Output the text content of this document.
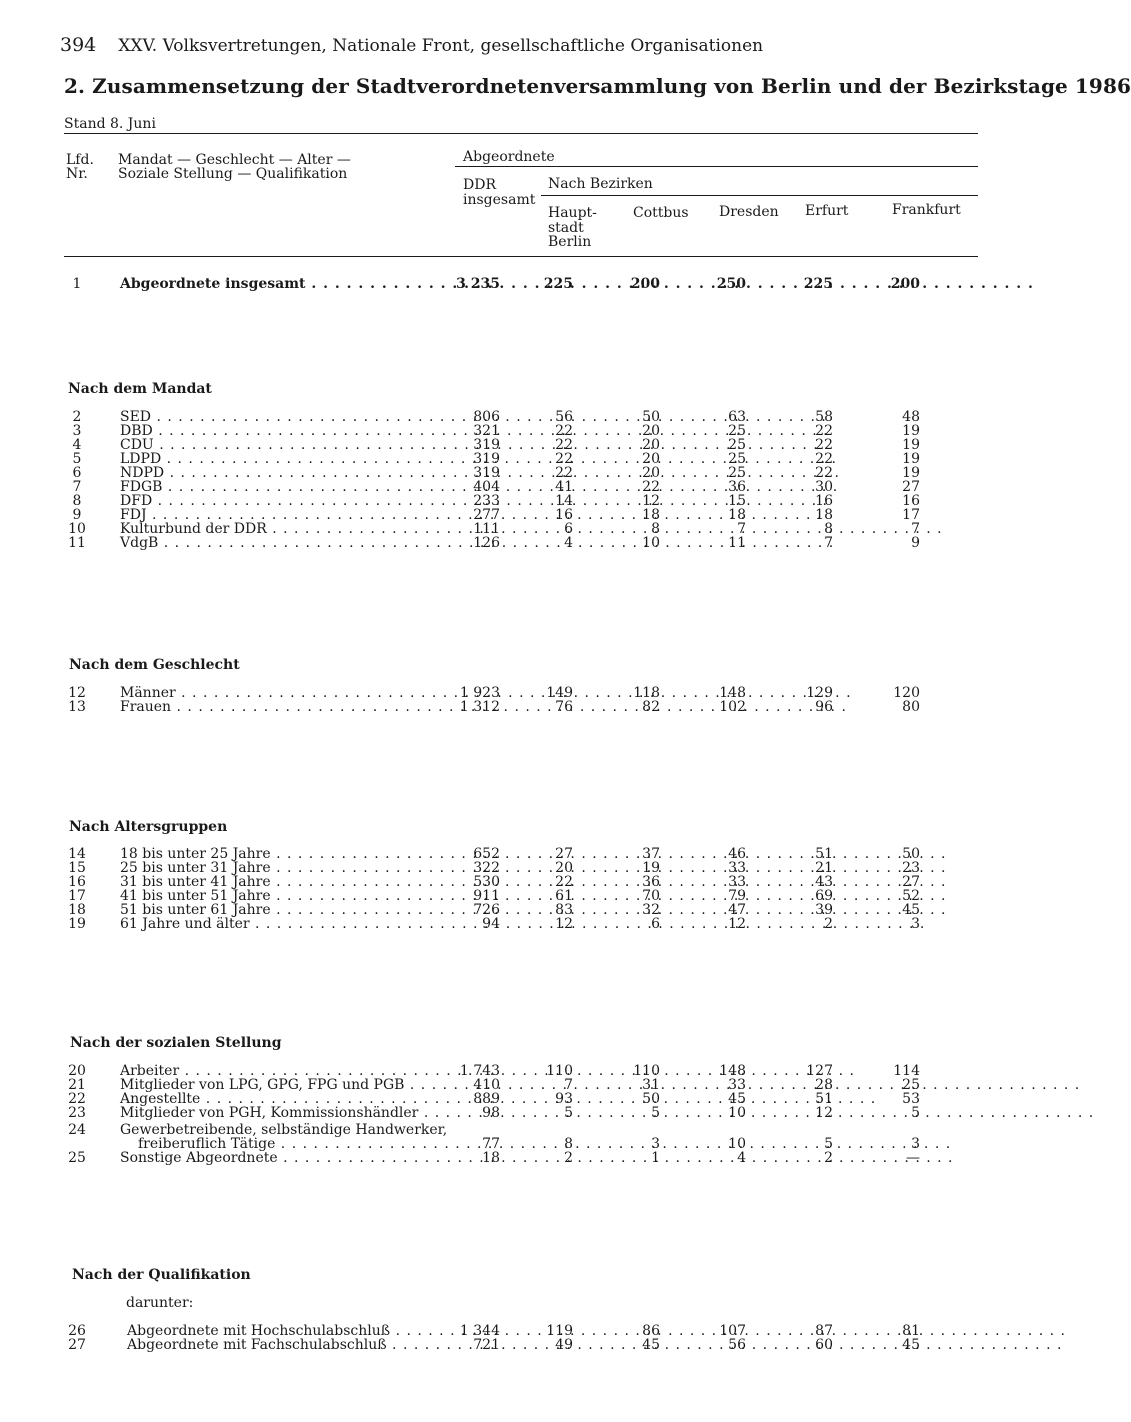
394 XXV. Volksvertretungen, Nationale Front, gesellschaftliche Organisationen
2. Zusammensetzung der Stadtverordnetenversammlung von Berlin und der Bezirkstage 1986
Stand 8. Juni
Lfd.
Nr.
Mandat — Geschlecht — Alter —
Soziale Stellung — Qualifikation
Abgeordnete
DDR
insgesamt
Nach Bezirken
Haupt-
stadt
Berlin
Cottbus Dresden Erfurt	Frankfurt
1	Abgeordnete insgesamt . . .	3 235	225	200	250	225	200
Nach dem Mandat
2	SED . . .	806	56	50	63	58	48
3	DBD . . .	321	22	20	25	22	19
4	CDU . . .	319	22	20	25	22	19
5	LDPD . . .	319	22	20	25	22	19
6	NDPD . . .	319	22	20	25	22	19
7	FDGB . . .	404	41	22	36	30	27
8	DFD . . .	233	14	12	15	16	16
9	FDJ . . .	277	16	18	18	18	17
10 Kulturbund der DDR . . .	111	6	8	7	8	7
11 VdgB . . .	126	4	10	11	7	9
Nach dem Geschlecht
12 Männer . . .	1 923	149	118	148	129	120
13 Frauen . . .	1 312	76	82	102	96	80
Nach Altersgruppen
14 18 bis unter 25 Jahre . . .	652	27	37	46	51	50
15 25 bis unter 31 Jahre . . .	322	20	19	33	21	23
16 31 bis unter 41 Jahre . . .	530	22	36	33	43	27
17 41 bis unter 51 Jahre . . .	911	61	70	79	69	52
18 51 bis unter 61 Jahre . . .	726	83	32	47	39	45
19 61 Jahre und älter . . .	94	12	6	12	2	3
Nach der sozialen Stellung
20 Arbeiter . . .	1 743	110	110	148	127	114
21 Mitglieder von LPG, GPG, FPG und PGB . . .	410	7	31	33	28	25
22 Angestellte . . .	889	93	50	45	51	53
23 Mitglieder von PGH, Kommissionshändler . . .	98	5	5	10	12	5
24 Gewerbetreibende, selbständige Handwerker,
freiberuflich Tätige . . .	77	8	3	10	5	3
25 Sonstige Abgeordnete . . .	18	2	1	4	2	—
Nach der Qualifikation
darunter:
26	Abgeordnete mit Hochschulabschluß . . .	1 344	119	86	107	87	81
27	Abgeordnete mit Fachschulabschluß . . .	721	49	45	56	60	45
